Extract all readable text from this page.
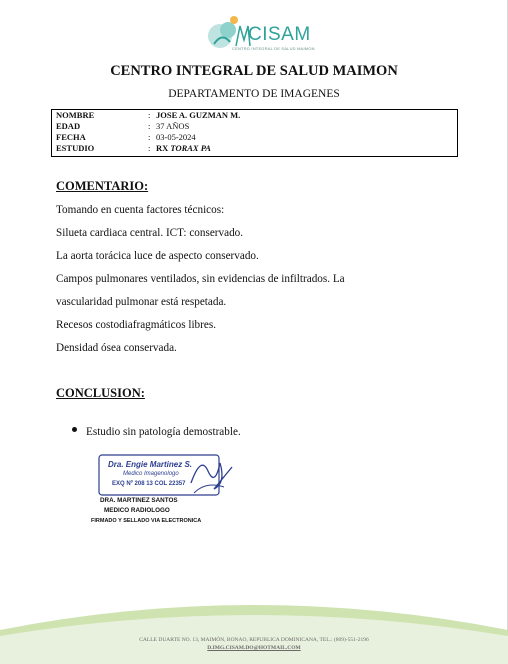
CISAM
CENTRO INTEGRAL DE SALUD MAIMON
CENTRO INTEGRAL DE SALUD MAIMON
DEPARTAMENTO DE IMAGENES
NOMBRE	: JOSE A. GUZMAN M.
EDAD	: 37 AÑOS
FECHA	: 03-05-2024
ESTUDIO	: RX TORAX PA
COMENTARIO:
Tomando en cuenta factores técnicos:
Silueta cardiaca central. ICT: conservado.
La aorta torácica luce de aspecto conservado.
Campos pulmonares ventilados, sin evidencias de infiltrados. La
vascularidad pulmonar está respetada.
Recesos costodiafragmáticos libres.
Densidad ósea conservada.
CONCLUSION:
Estudio sin patología demostrable.
Dra. Engie Martinez S.
Medico Imagenologo
EXQ Nº 208 13 COL 22357
DRA. MARTINEZ SANTOS
MEDICO RADIOLOGO
FIRMADO Y SELLADO VIA ELECTRONICA
CALLE DUARTE NO. 13, MAIMÓN, BONAO, REPUBLICA DOMINICANA, TEL.: (809)-551-2196
D.IMG.CISAM.DO@HOTMAIL.COM
